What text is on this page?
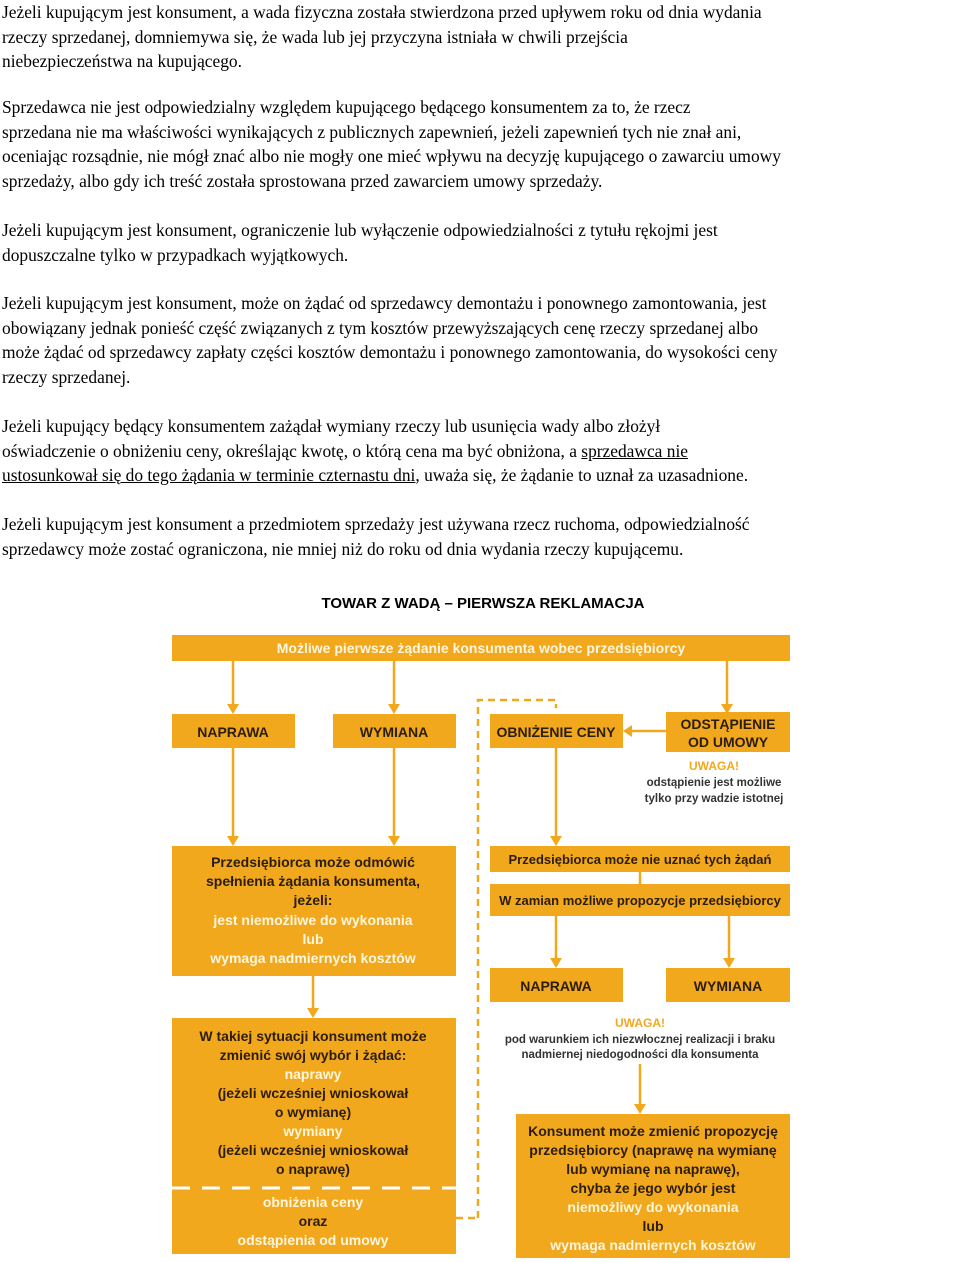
Jeżeli kupującym jest konsument, a wada fizyczna została stwierdzona przed upływem roku od dnia wydania
rzeczy sprzedanej, domniemywa się, że wada lub jej przyczyna istniała w chwili przejścia
niebezpieczeństwa na kupującego.
Sprzedawca nie jest odpowiedzialny względem kupującego będącego konsumentem za to, że rzecz
sprzedana nie ma właściwości wynikających z publicznych zapewnień, jeżeli zapewnień tych nie znał ani,
oceniając rozsądnie, nie mógł znać albo nie mogły one mieć wpływu na decyzję kupującego o zawarciu umowy
sprzedaży, albo gdy ich treść została sprostowana przed zawarciem umowy sprzedaży.
Jeżeli kupującym jest konsument, ograniczenie lub wyłączenie odpowiedzialności z tytułu rękojmi jest
dopuszczalne tylko w przypadkach wyjątkowych.
Jeżeli kupującym jest konsument, może on żądać od sprzedawcy demontażu i ponownego zamontowania, jest
obowiązany jednak ponieść część związanych z tym kosztów przewyższających cenę rzeczy sprzedanej albo
może żądać od sprzedawcy zapłaty części kosztów demontażu i ponownego zamontowania, do wysokości ceny
rzeczy sprzedanej.
Jeżeli kupujący będący konsumentem zażądał wymiany rzeczy lub usunięcia wady albo złożył
oświadczenie o obniżeniu ceny, określając kwotę, o którą cena ma być obniżona, a sprzedawca nie
ustosunkował się do tego żądania w terminie czternastu dni, uważa się, że żądanie to uznał za uzasadnione.
Jeżeli kupującym jest konsument a przedmiotem sprzedaży jest używana rzecz ruchoma, odpowiedzialność
sprzedawcy może zostać ograniczona, nie mniej niż do roku od dnia wydania rzeczy kupującemu.
TOWAR Z WADĄ – PIERWSZA REKLAMACJA
Możliwe pierwsze żądanie konsumenta wobec przedsiębiorcy
NAPRAWA	WYMIANA	OBNIŻENIE CENY	ODSTĄPIENIE
OD UMOWY
UWAGA!
odstąpienie jest możliwe
tylko przy wadzie istotnej
Przedsiębiorca może odmówić
spełnienia żądania konsumenta,
jeżeli:
jest niemożliwe do wykonania
lub
wymaga nadmiernych kosztów
Przedsiębiorca może nie uznać tych żądań
W zamian możliwe propozycje przedsiębiorcy
NAPRAWA	WYMIANA
UWAGA!
pod warunkiem ich niezwłocznej realizacji i braku
nadmiernej niedogodności dla konsumenta
W takiej sytuacji konsument może
zmienić swój wybór i żądać:
naprawy
(jeżeli wcześniej wnioskował
o wymianę)
wymiany
(jeżeli wcześniej wnioskował
o naprawę)
obniżenia ceny
oraz
odstąpienia od umowy
Konsument może zmienić propozycję
przedsiębiorcy (naprawę na wymianę
lub wymianę na naprawę),
chyba że jego wybór jest
niemożliwy do wykonania
lub
wymaga nadmiernych kosztów
